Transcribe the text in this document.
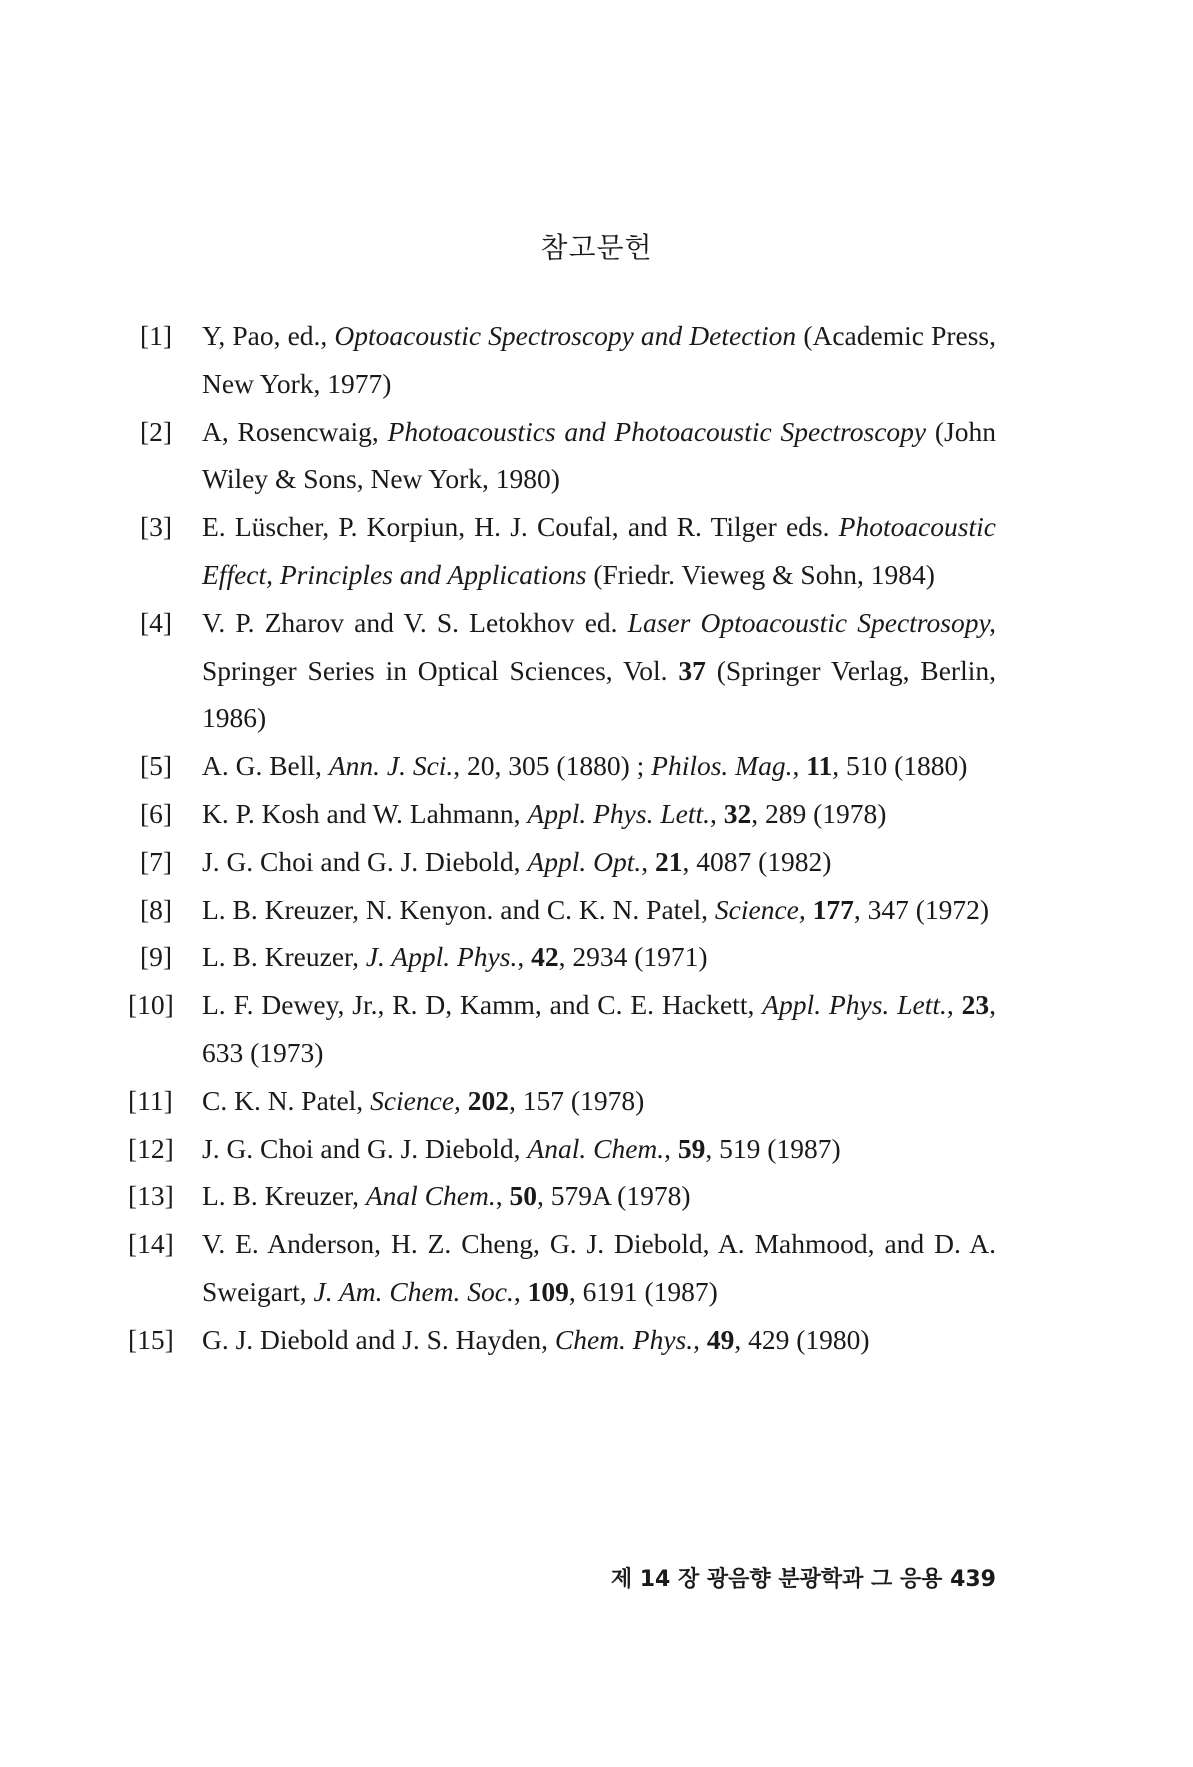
참고문헌
[1] Y, Pao, ed., Optoacoustic Spectroscopy and Detection (Academic Press, New York, 1977)
[2] A, Rosencwaig, Photoacoustics and Photoacoustic Spectroscopy (John Wiley & Sons, New York, 1980)
[3] E. Lüscher, P. Korpiun, H. J. Coufal, and R. Tilger eds. Photoacoustic Effect, Principles and Applications (Friedr. Vieweg & Sohn, 1984)
[4] V. P. Zharov and V. S. Letokhov ed. Laser Optoacoustic Spectrosopy, Springer Series in Optical Sciences, Vol. 37 (Springer Verlag, Berlin, 1986)
[5] A. G. Bell, Ann. J. Sci., 20, 305 (1880) ; Philos. Mag., 11, 510 (1880)
[6] K. P. Kosh and W. Lahmann, Appl. Phys. Lett., 32, 289 (1978)
[7] J. G. Choi and G. J. Diebold, Appl. Opt., 21, 4087 (1982)
[8] L. B. Kreuzer, N. Kenyon. and C. K. N. Patel, Science, 177, 347 (1972)
[9] L. B. Kreuzer, J. Appl. Phys., 42, 2934 (1971)
[10] L. F. Dewey, Jr., R. D, Kamm, and C. E. Hackett, Appl. Phys. Lett., 23, 633 (1973)
[11] C. K. N. Patel, Science, 202, 157 (1978)
[12] J. G. Choi and G. J. Diebold, Anal. Chem., 59, 519 (1987)
[13] L. B. Kreuzer, Anal Chem., 50, 579A (1978)
[14] V. E. Anderson, H. Z. Cheng, G. J. Diebold, A. Mahmood, and D. A. Sweigart, J. Am. Chem. Soc., 109, 6191 (1987)
[15] G. J. Diebold and J. S. Hayden, Chem. Phys., 49, 429 (1980)
제 14 장 광음향 분광학과 그 응용 439
